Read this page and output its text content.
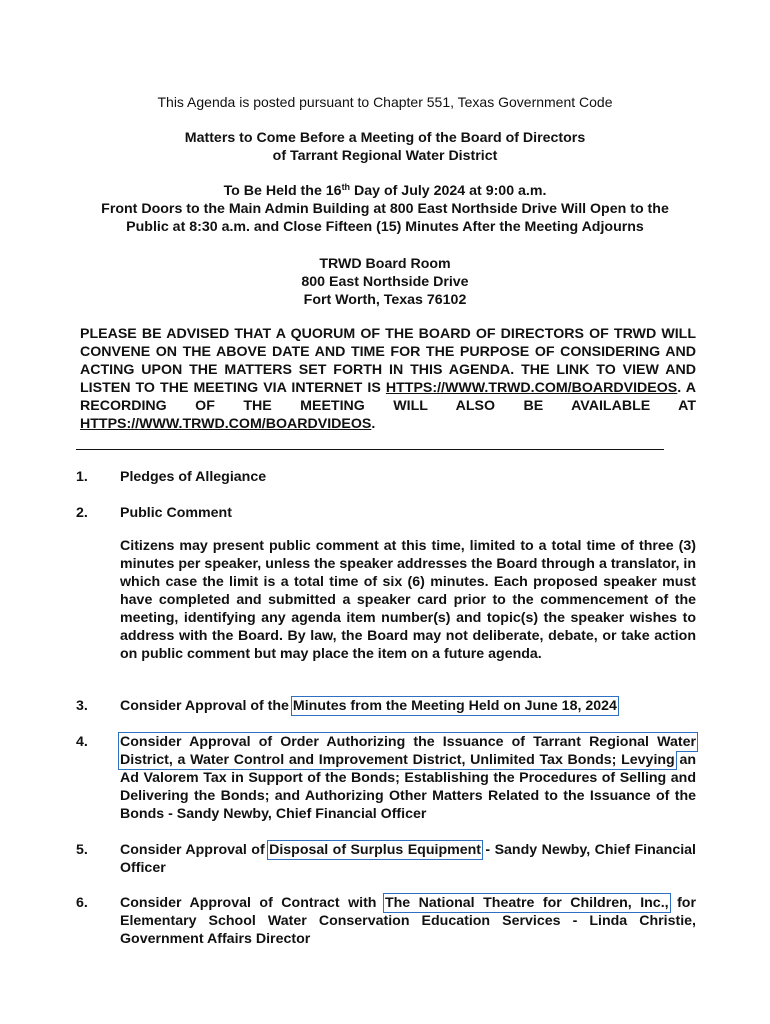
This Agenda is posted pursuant to Chapter 551, Texas Government Code
Matters to Come Before a Meeting of the Board of Directors
of Tarrant Regional Water District
To Be Held the 16th Day of July 2024 at 9:00 a.m.
Front Doors to the Main Admin Building at 800 East Northside Drive Will Open to the
Public at 8:30 a.m. and Close Fifteen (15) Minutes After the Meeting Adjourns
TRWD Board Room
800 East Northside Drive
Fort Worth, Texas 76102
PLEASE BE ADVISED THAT A QUORUM OF THE BOARD OF DIRECTORS OF TRWD WILL CONVENE ON THE ABOVE DATE AND TIME FOR THE PURPOSE OF CONSIDERING AND ACTING UPON THE MATTERS SET FORTH IN THIS AGENDA. THE LINK TO VIEW AND LISTEN TO THE MEETING VIA INTERNET IS HTTPS://WWW.TRWD.COM/BOARDVIDEOS. A RECORDING OF THE MEETING WILL ALSO BE AVAILABLE AT HTTPS://WWW.TRWD.COM/BOARDVIDEOS.
1. Pledges of Allegiance
2. Public Comment
Citizens may present public comment at this time, limited to a total time of three (3) minutes per speaker, unless the speaker addresses the Board through a translator, in which case the limit is a total time of six (6) minutes. Each proposed speaker must have completed and submitted a speaker card prior to the commencement of the meeting, identifying any agenda item number(s) and topic(s) the speaker wishes to address with the Board. By law, the Board may not deliberate, debate, or take action on public comment but may place the item on a future agenda.
3. Consider Approval of the Minutes from the Meeting Held on June 18, 2024
4. Consider Approval of Order Authorizing the Issuance of Tarrant Regional Water District, a Water Control and Improvement District, Unlimited Tax Bonds; Levying an Ad Valorem Tax in Support of the Bonds; Establishing the Procedures of Selling and Delivering the Bonds; and Authorizing Other Matters Related to the Issuance of the Bonds - Sandy Newby, Chief Financial Officer
5. Consider Approval of Disposal of Surplus Equipment - Sandy Newby, Chief Financial Officer
6. Consider Approval of Contract with The National Theatre for Children, Inc., for Elementary School Water Conservation Education Services - Linda Christie, Government Affairs Director
